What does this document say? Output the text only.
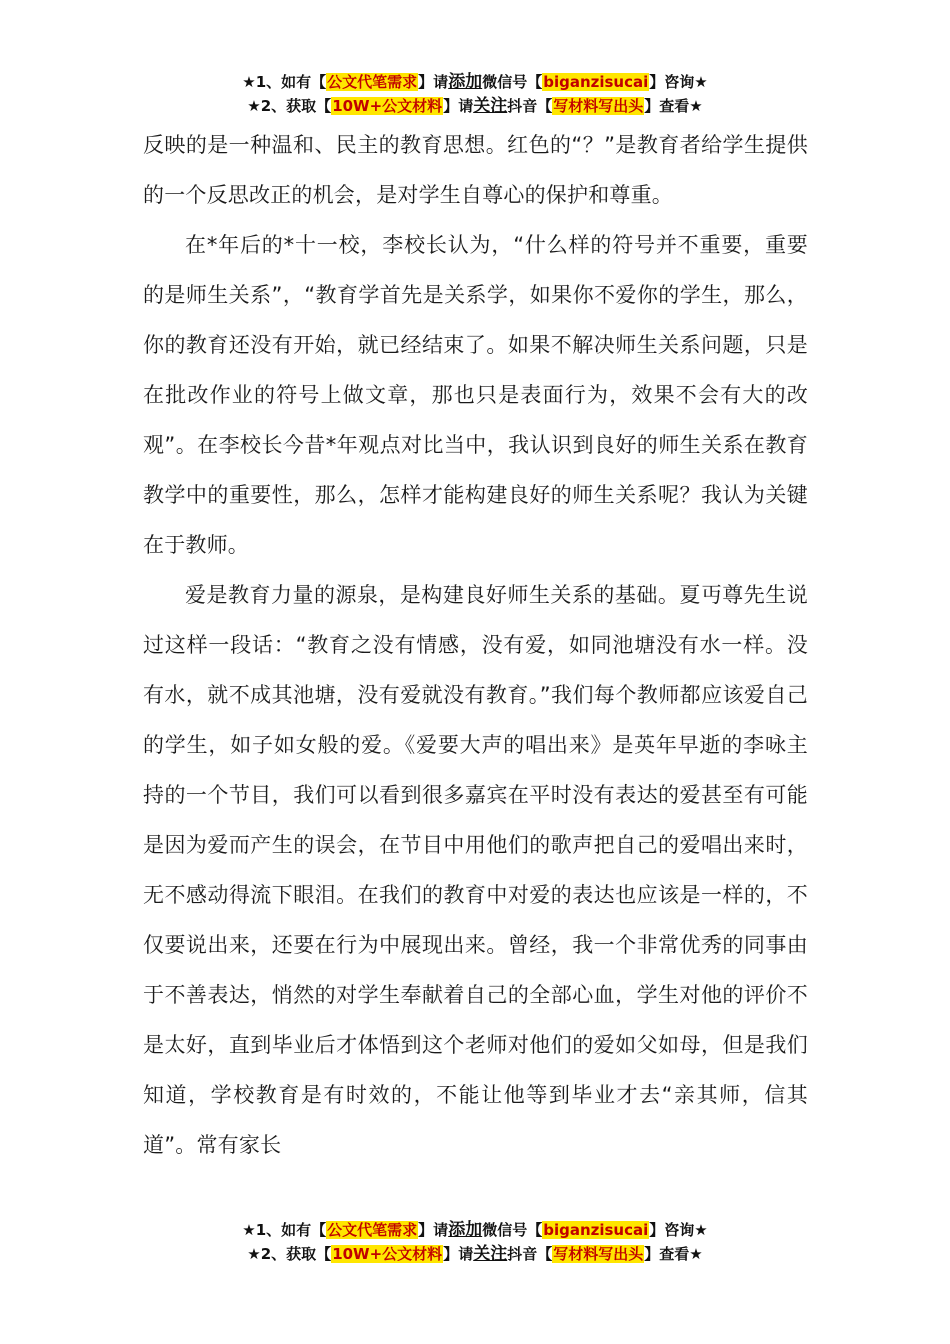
★1、如有【公文代笔需求】请添加微信号【biganzisucai】咨询★
★2、获取【10W+公文材料】请关注抖音【写材料写出头】查看★

反映的是一种温和、民主的教育思想。红色的“？”是教育者给学生提供的一个反思改正的机会，是对学生自尊心的保护和尊重。

在*年后的*十一校，李校长认为，“什么样的符号并不重要，重要的是师生关系”，“教育学首先是关系学，如果你不爱你的学生，那么，你的教育还没有开始，就已经结束了。如果不解决师生关系问题，只是在批改作业的符号上做文章，那也只是表面行为，效果不会有大的改观”。在李校长今昔*年观点对比当中，我认识到良好的师生关系在教育教学中的重要性，那么，怎样才能构建良好的师生关系呢？我认为关键在于教师。

爱是教育力量的源泉，是构建良好师生关系的基础。夏丏尊先生说过这样一段话：“教育之没有情感，没有爱，如同池塘没有水一样。没有水，就不成其池塘，没有爱就没有教育。”我们每个教师都应该爱自己的学生，如子如女般的爱。《爱要大声的唱出来》是英年早逝的李咏主持的一个节目，我们可以看到很多嘉宾在平时没有表达的爱甚至有可能是因为爱而产生的误会，在节目中用他们的歌声把自己的爱唱出来时，无不感动得流下眼泪。在我们的教育中对爱的表达也应该是一样的，不仅要说出来，还要在行为中展现出来。曾经，我一个非常优秀的同事由于不善表达，悄然的对学生奉献着自己的全部心血，学生对他的评价不是太好，直到毕业后才体悟到这个老师对他们的爱如父如母，但是我们知道，学校教育是有时效的，不能让他等到毕业才去“亲其师，信其道”。常有家长

★1、如有【公文代笔需求】请添加微信号【biganzisucai】咨询★
★2、获取【10W+公文材料】请关注抖音【写材料写出头】查看★
